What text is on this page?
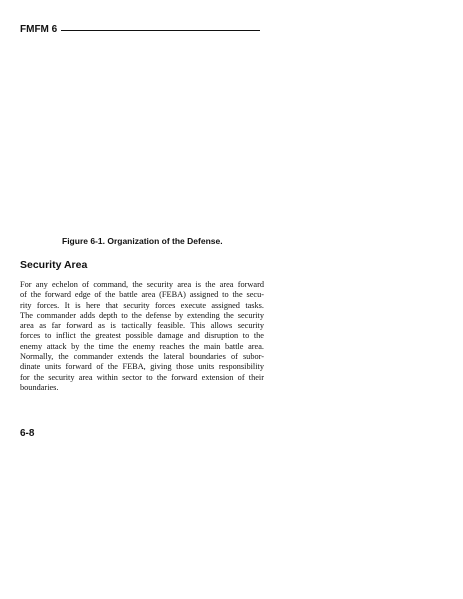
FMFM 6
Figure 6-1. Organization of the Defense.
Security Area

For any echelon of command, the security area is the area forward
of the forward edge of the battle area (FEBA) assigned to the secu-
rity forces. It is here that security forces execute assigned tasks.
The commander adds depth to the defense by extending the security
area as far forward as is tactically feasible. This allows security
forces to inflict the greatest possible damage and disruption to the
enemy attack by the time the enemy reaches the main battle area.
Normally, the commander extends the lateral boundaries of subor-
dinate units forward of the FEBA, giving those units responsibility
for the security area within sector to the forward extension of their
boundaries.

6-8
